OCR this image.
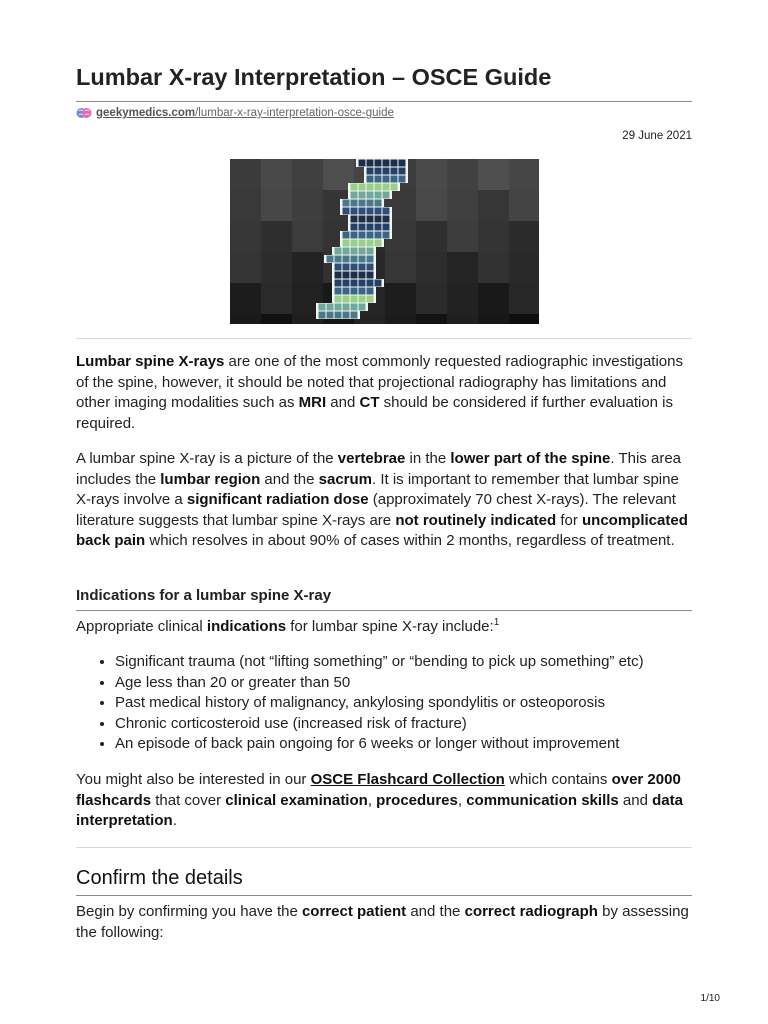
Lumbar X-ray Interpretation – OSCE Guide
geekymedics.com/lumbar-x-ray-interpretation-osce-guide
29 June 2021

Lumbar spine X-rays are one of the most commonly requested radiographic investigations of the spine, however, it should be noted that projectional radiography has limitations and other imaging modalities such as MRI and CT should be considered if further evaluation is required.

A lumbar spine X-ray is a picture of the vertebrae in the lower part of the spine. This area includes the lumbar region and the sacrum. It is important to remember that lumbar spine X-rays involve a significant radiation dose (approximately 70 chest X-rays). The relevant literature suggests that lumbar spine X-rays are not routinely indicated for uncomplicated back pain which resolves in about 90% of cases within 2 months, regardless of treatment.

Indications for a lumbar spine X-ray

Appropriate clinical indications for lumbar spine X-ray include:$^1$

• Significant trauma (not “lifting something” or “bending to pick up something” etc)
• Age less than 20 or greater than 50
• Past medical history of malignancy, ankylosing spondylitis or osteoporosis
• Chronic corticosteroid use (increased risk of fracture)
• An episode of back pain ongoing for 6 weeks or longer without improvement

You might also be interested in our OSCE Flashcard Collection which contains over 2000 flashcards that cover clinical examination, procedures, communication skills and data interpretation.

Confirm the details

Begin by confirming you have the correct patient and the correct radiograph by assessing the following:

1/10
